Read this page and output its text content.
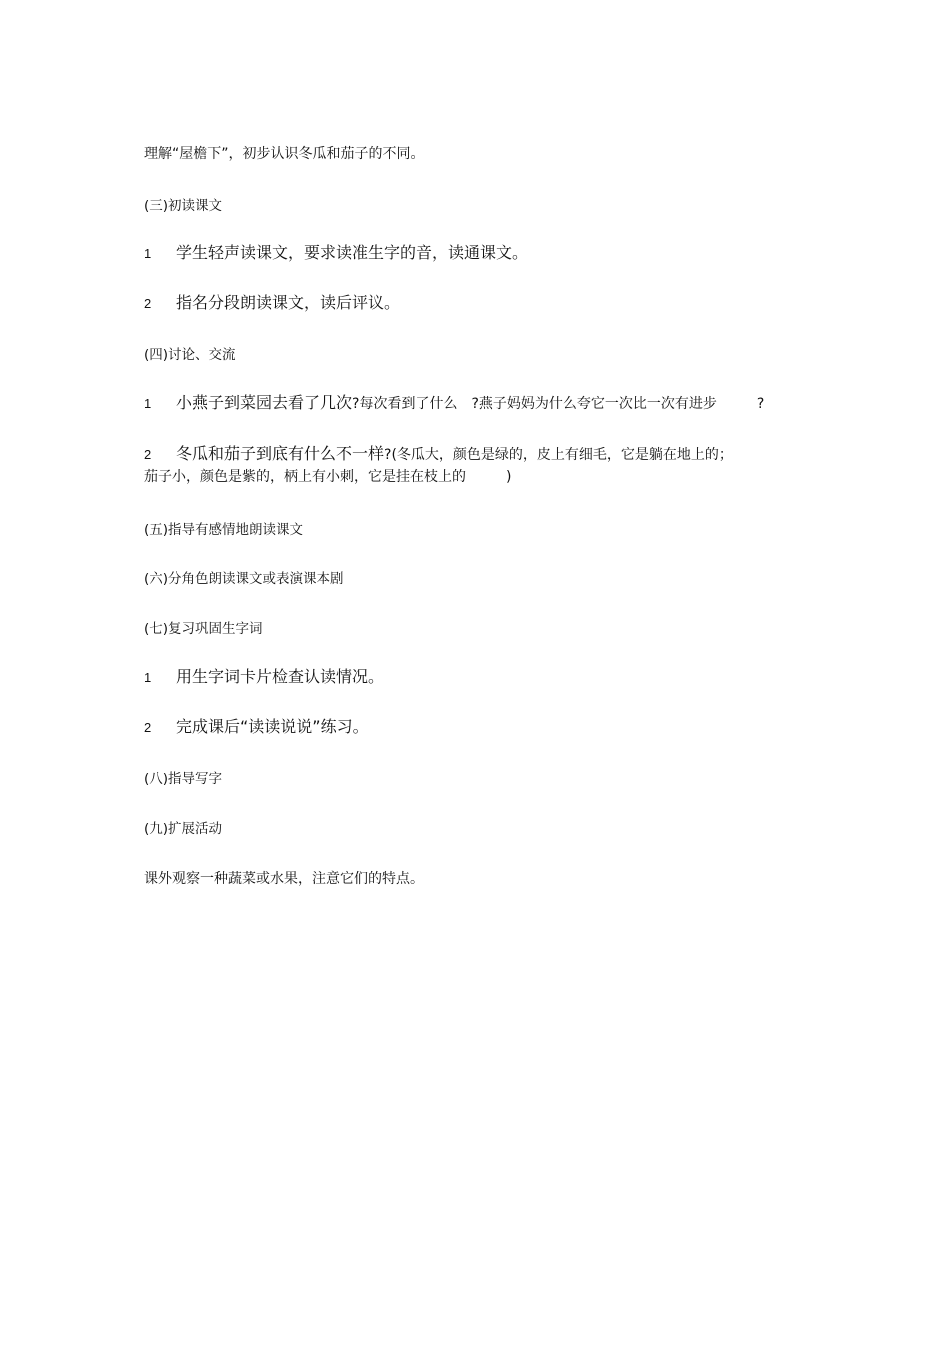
理解“屋檐下”，初步认识冬瓜和茄子的不同。
(三)初读课文
1 学生轻声读课文，要求读准生字的音，读通课文。
2 指名分段朗读课文，读后评议。
(四)讨论、交流
1 小燕子到菜园去看了几次?每次看到了什么 ?燕子妈妈为什么夸它一次比一次有进步	?
2 冬瓜和茄子到底有什么不一样?(冬瓜大，颜色是绿的，皮上有细毛，它是躺在地上的；
茄子小，颜色是紫的，柄上有小刺，它是挂在枝上的	)
(五)指导有感情地朗读课文
(六)分角色朗读课文或表演课本剧
(七)复习巩固生字词
1 用生字词卡片检查认读情况。
2 完成课后“读读说说”练习。
(八)指导写字
(九)扩展活动
课外观察一种蔬菜或水果，注意它们的特点。
